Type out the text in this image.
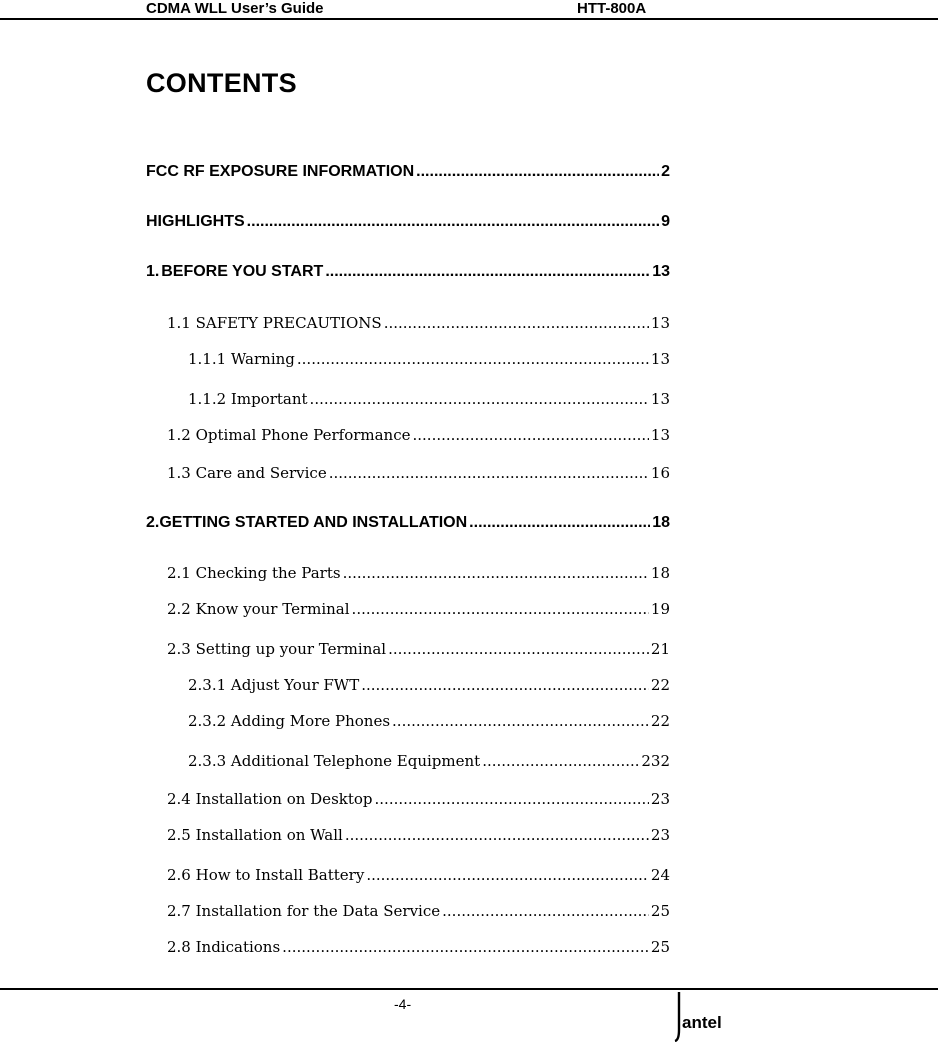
CDMA WLL User’s Guide	HTT-800A
CONTENTS
FCC RF EXPOSURE INFORMATION .....	2
HIGHLIGHTS .....	9
1. BEFORE YOU START .....	13
1.1 SAFETY PRECAUTIONS .....	13
1.1.1 Warning .....	13
1.1.2 Important .....	13
1.2 Optimal Phone Performance .....	13
1.3 Care and Service .....	16
2. GETTING STARTED AND INSTALLATION .....	18
2.1 Checking the Parts .....	18
2.2 Know your Terminal .....	19
2.3 Setting up your Terminal .....	21
2.3.1 Adjust Your FWT .....	22
2.3.2 Adding More Phones .....	22
2.3.3 Additional Telephone Equipment .....	232
2.4 Installation on Desktop .....	23
2.5 Installation on Wall .....	23
2.6 How to Install Battery .....	24
2.7 Installation for the Data Service .....	25
2.8 Indications .....	25
-4-
antel
